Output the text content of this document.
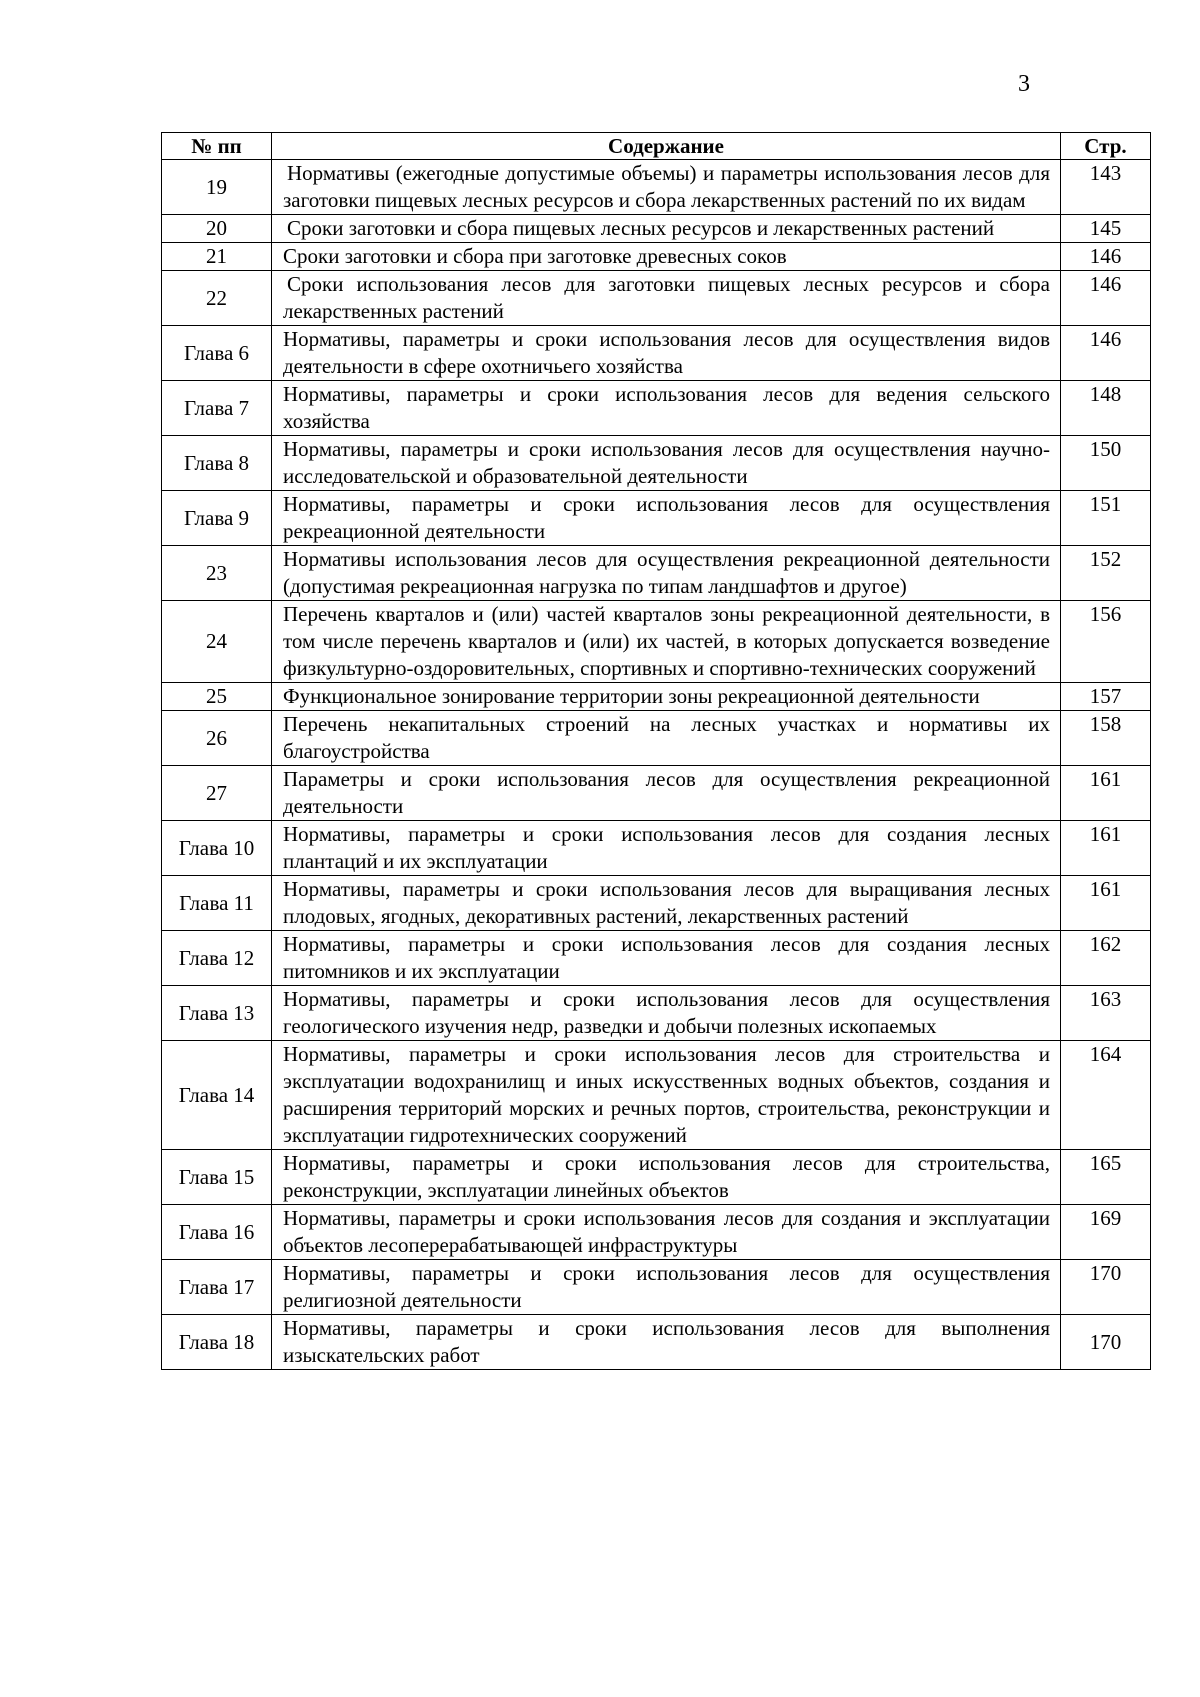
3
№ пп	Содержание	Стр.
19	Нормативы (ежегодные допустимые объемы) и параметры использования лесов для заготовки пищевых лесных ресурсов и сбора лекарственных растений по их видам	143
20	Сроки заготовки и сбора пищевых лесных ресурсов и лекарственных растений	145
21	Сроки заготовки и сбора при заготовке древесных соков	146
22	Сроки использования лесов для заготовки пищевых лесных ресурсов и сбора лекарственных растений	146
Глава 6	Нормативы, параметры и сроки использования лесов для осуществления видов деятельности в сфере охотничьего хозяйства	146
Глава 7	Нормативы, параметры и сроки использования лесов для ведения сельского хозяйства	148
Глава 8	Нормативы, параметры и сроки использования лесов для осуществления научно-исследовательской и образовательной деятельности	150
Глава 9	Нормативы, параметры и сроки использования лесов для осуществления рекреационной деятельности	151
23	Нормативы использования лесов для осуществления рекреационной деятельности (допустимая рекреационная нагрузка по типам ландшафтов и другое)	152
24	Перечень кварталов и (или) частей кварталов зоны рекреационной деятельности, в том числе перечень кварталов и (или) их частей, в которых допускается возведение физкультурно-оздоровительных, спортивных и спортивно-технических сооружений	156
25	Функциональное зонирование территории зоны рекреационной деятельности	157
26	Перечень некапитальных строений на лесных участках и нормативы их благоустройства	158
27	Параметры и сроки использования лесов для осуществления рекреационной деятельности	161
Глава 10	Нормативы, параметры и сроки использования лесов для создания лесных плантаций и их эксплуатации	161
Глава 11	Нормативы, параметры и сроки использования лесов для выращивания лесных плодовых, ягодных, декоративных растений, лекарственных растений	161
Глава 12	Нормативы, параметры и сроки использования лесов для создания лесных питомников и их эксплуатации	162
Глава 13	Нормативы, параметры и сроки использования лесов для осуществления геологического изучения недр, разведки и добычи полезных ископаемых	163
Глава 14	Нормативы, параметры и сроки использования лесов для строительства и эксплуатации водохранилищ и иных искусственных водных объектов, создания и расширения территорий морских и речных портов, строительства, реконструкции и эксплуатации гидротехнических сооружений	164
Глава 15	Нормативы, параметры и сроки использования лесов для строительства, реконструкции, эксплуатации линейных объектов	165
Глава 16	Нормативы, параметры и сроки использования лесов для создания и эксплуатации объектов лесоперерабатывающей инфраструктуры	169
Глава 17	Нормативы, параметры и сроки использования лесов для осуществления религиозной деятельности	170
Глава 18	Нормативы, параметры и сроки использования лесов для выполнения изыскательских работ	170
